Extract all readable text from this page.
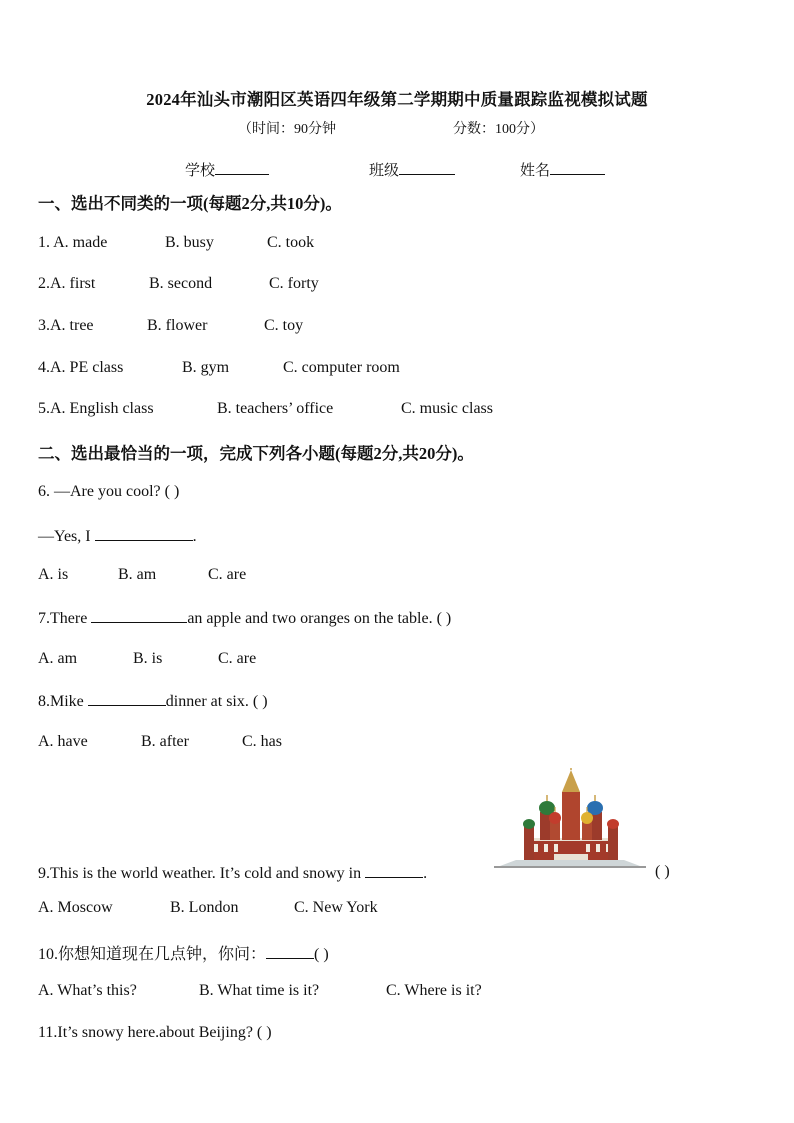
2024年汕头市潮阳区英语四年级第二学期期中质量跟踪监视模拟试题
（时间：90分钟	分数：100分）
学校	班级	姓名
一、选出不同类的一项(每题2分,共10分)。
1. A. made	B. busy	C. took
2.A. first	B. second	C. forty
3.A. tree	B. flower	C. toy
4.A. PE class	B. gym	C. computer room
5.A. English class	B. teachers’ office	C. music class
二、选出最恰当的一项，完成下列各小题(每题2分,共20分)。
6. —Are you cool? ( )
—Yes, I	.
A. is	B. am	C. are
7.There	an apple and two oranges on the table. ( )
A. am	B. is	C. are
8.Mike	dinner at six. ( )
A. have	B. after	C. has
9.This is the world weather. It’s cold and snowy in	.	( )
A. Moscow	B. London	C. New York
10.你想知道现在几点钟，你问：	( )
A. What’s this?	B. What time is it?	C. Where is it?
11.It’s snowy here.about Beijing? ( )
